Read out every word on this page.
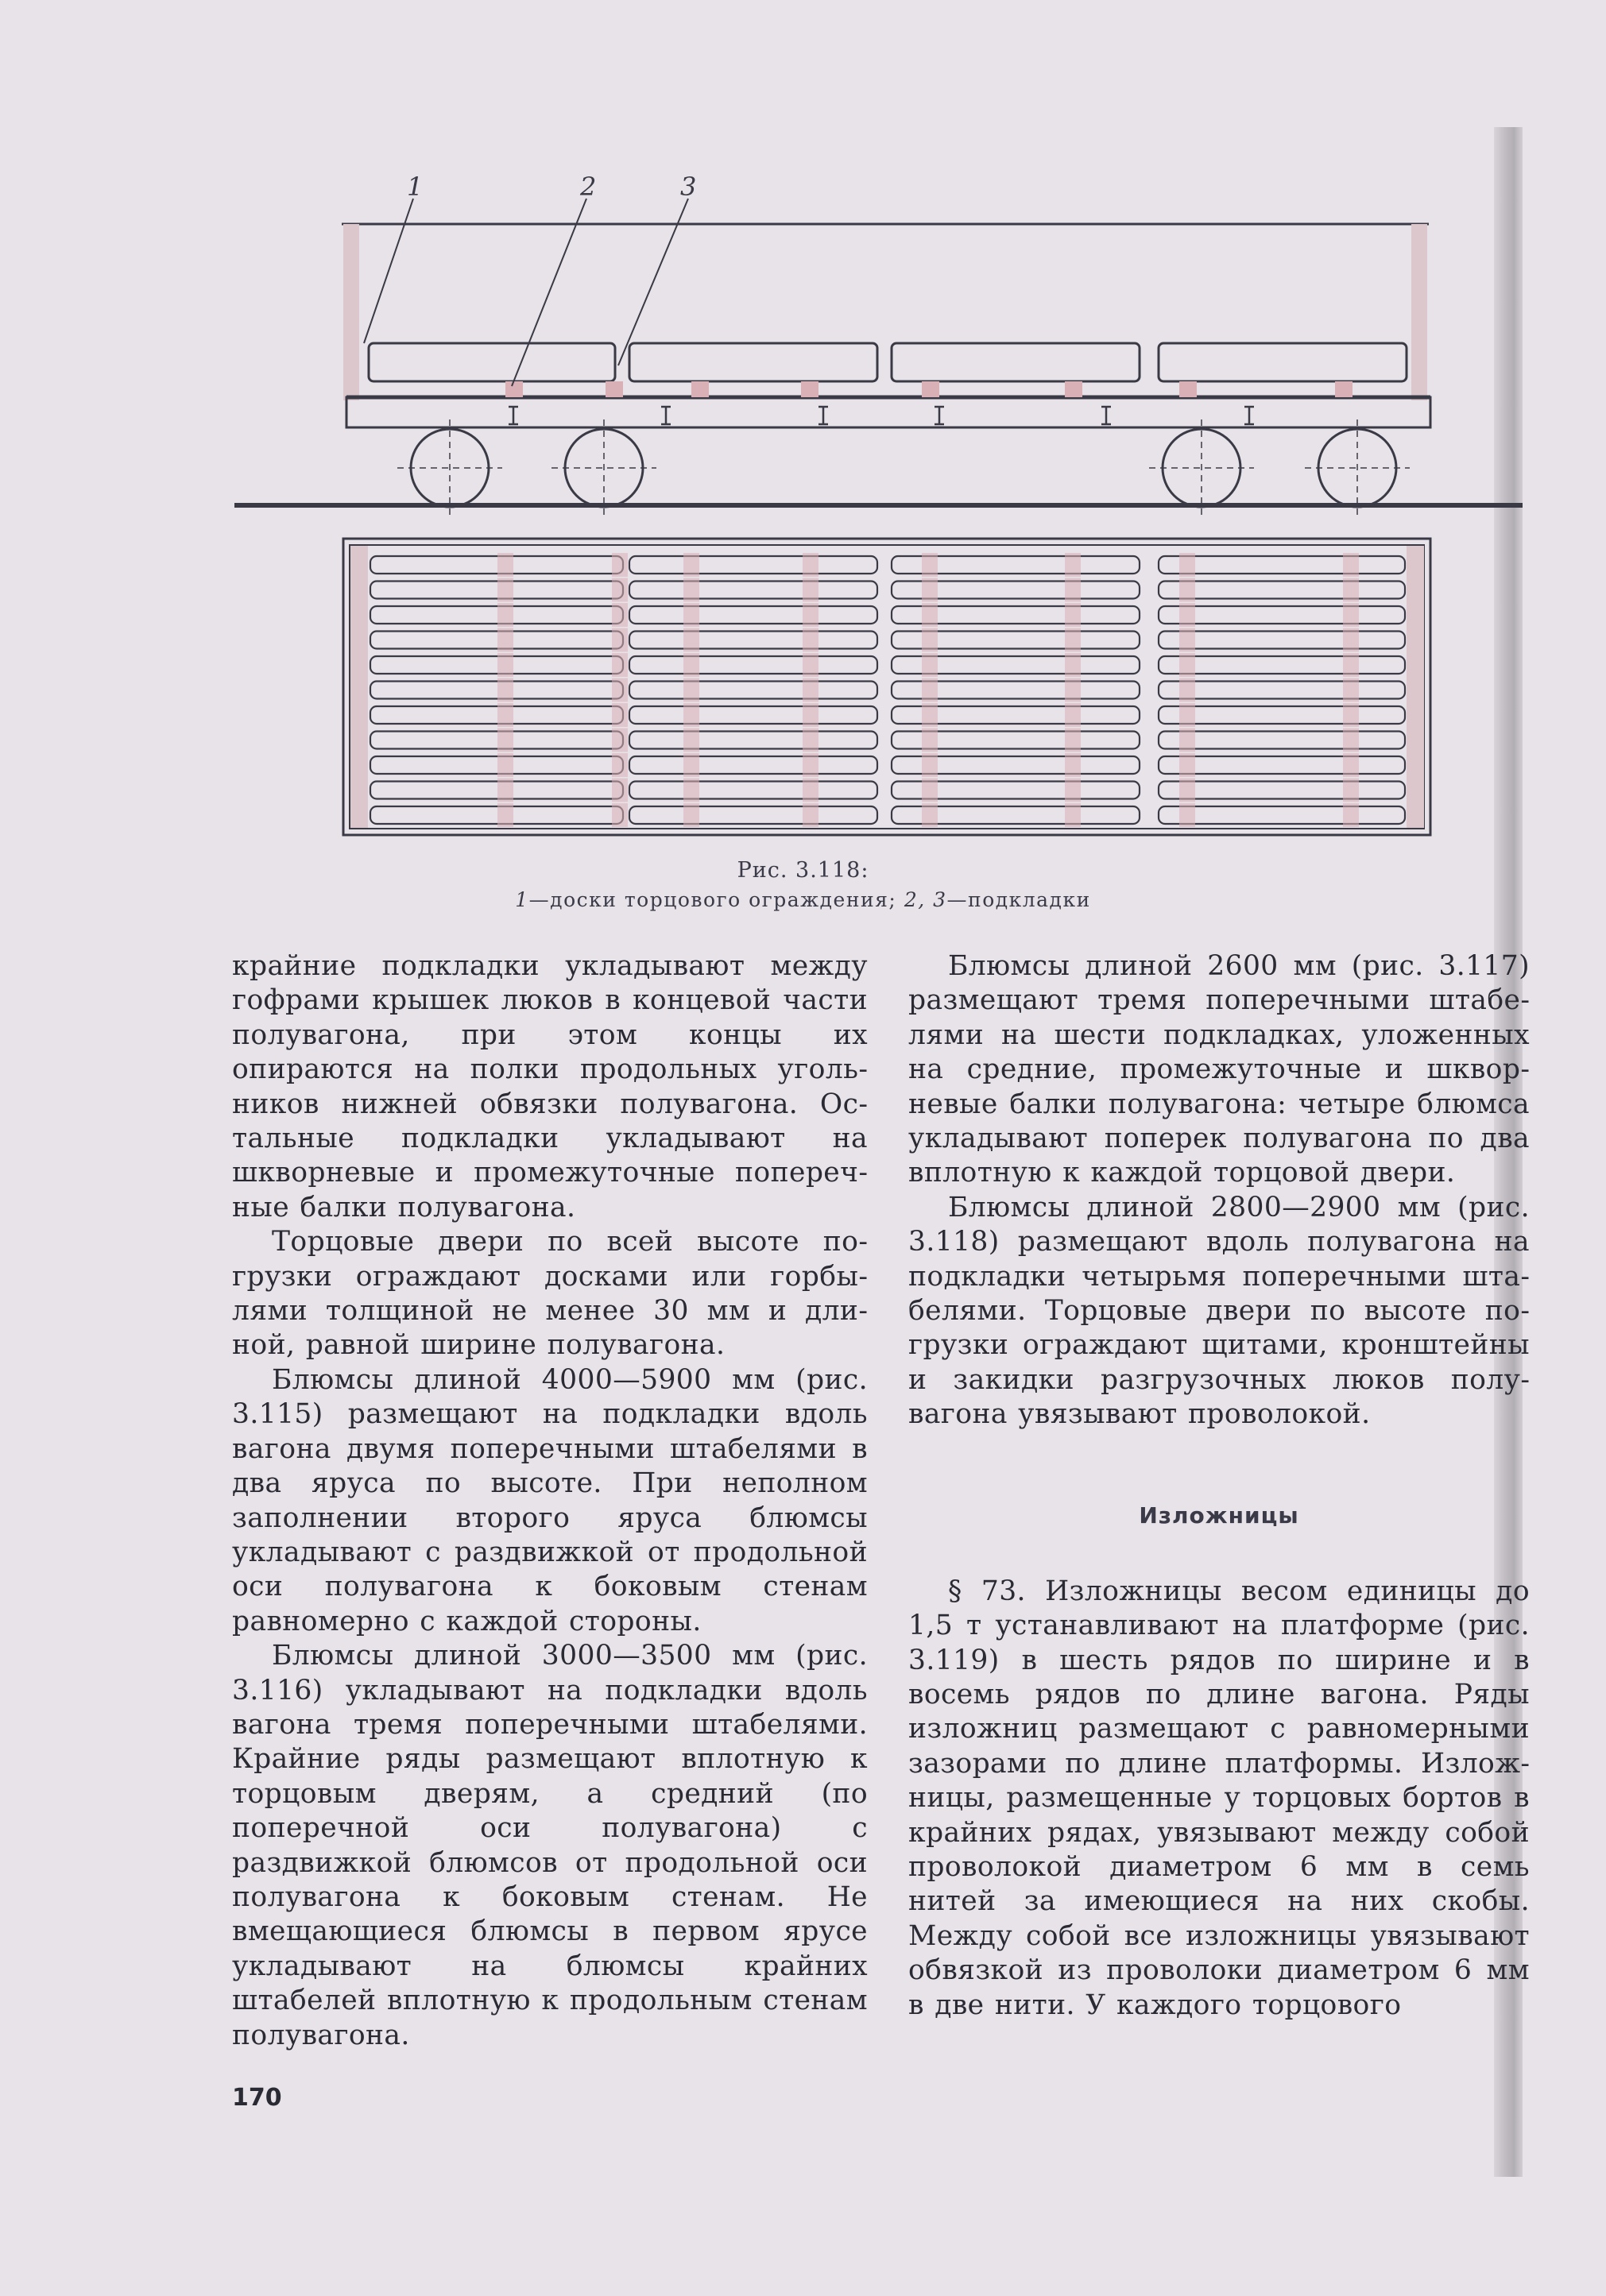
1	2	3
Рис. 3.118:
1—доски торцового ограждения; 2, 3—подкладки

крайние подкладки укладывают между гофрами крышек люков в концевой части полувагона, при этом концы их опираются на полки продольных угольников нижней обвязки полувагона. Остальные подкладки укладывают на шкворневые и промежуточные поперечные балки полувагона.

Торцовые двери по всей высоте погрузки ограждают досками или горбылями толщиной не менее 30 мм и длиной, равной ширине полувагона.

Блюмсы длиной 4000—5900 мм (рис. 3.115) размещают на подкладки вдоль вагона двумя поперечными штабелями в два яруса по высоте. При неполном заполнении второго яруса блюмсы укладывают с раздвижкой от продольной оси полувагона к боковым стенам равномерно с каждой стороны.

Блюмсы длиной 3000—3500 мм (рис. 3.116) укладывают на подкладки вдоль вагона тремя поперечными штабелями. Крайние ряды размещают вплотную к торцовым дверям, а средний (по поперечной оси полувагона) с раздвижкой блюмсов от продольной оси полувагона к боковым стенам. Не вмещающиеся блюмсы в первом ярусе укладывают на блюмсы крайних штабелей вплотную к продольным стенам полувагона.

Блюмсы длиной 2600 мм (рис. 3.117) размещают тремя поперечными штабелями на шести подкладках, уложенных на средние, промежуточные и шкворневые балки полувагона: четыре блюмса укладывают поперек полувагона по два вплотную к каждой торцовой двери.

Блюмсы длиной 2800—2900 мм (рис. 3.118) размещают вдоль полувагона на подкладки четырьмя поперечными штабелями. Торцовые двери по высоте погрузки ограждают щитами, кронштейны и закидки разгрузочных люков полувагона увязывают проволокой.

Изложницы

§ 73. Изложницы весом единицы до 1,5 т устанавливают на платформе (рис. 3.119) в шесть рядов по ширине и в восемь рядов по длине вагона. Ряды изложниц размещают с равномерными зазорами по длине платформы. Изложницы, размещенные у торцовых бортов в крайних рядах, увязывают между собой проволокой диаметром 6 мм в семь нитей за имеющиеся на них скобы. Между собой все изложницы увязывают обвязкой из проволоки диаметром 6 мм в две нити. У каждого торцового

170
